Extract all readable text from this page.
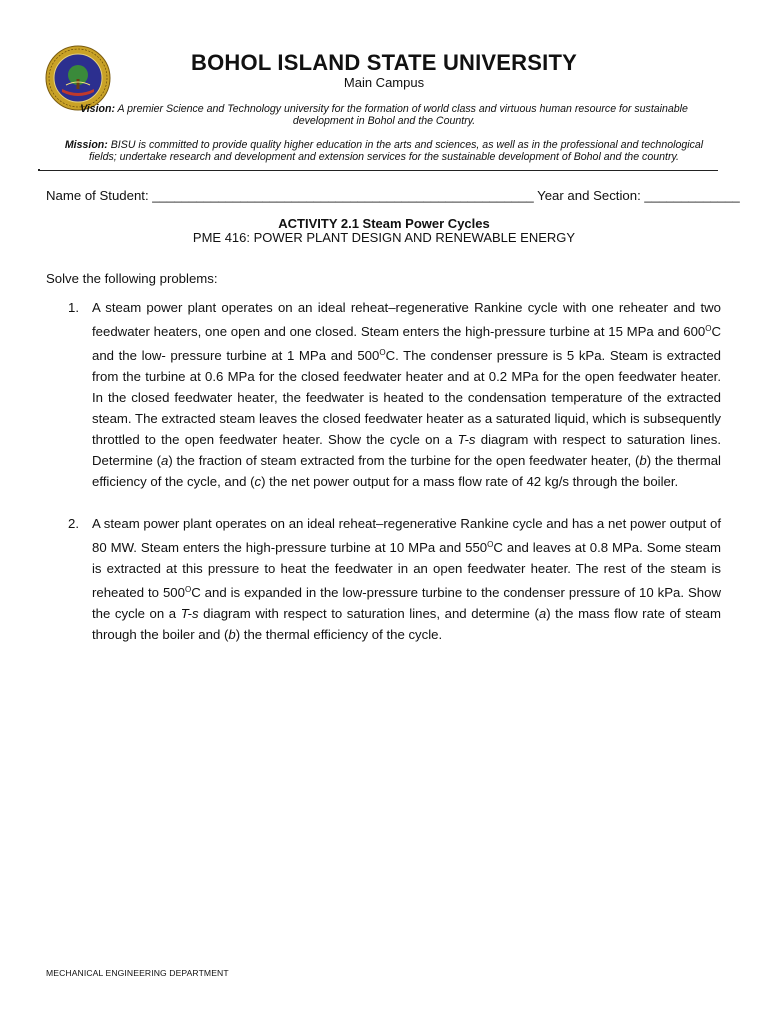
BOHOL ISLAND STATE UNIVERSITY
Main Campus
Vision: A premier Science and Technology university for the formation of world class and virtuous human resource for sustainable development in Bohol and the Country.
Mission: BISU is committed to provide quality higher education in the arts and sciences, as well as in the professional and technological fields; undertake research and development and extension services for the sustainable development of Bohol and the country.
Name of Student: ____________________________________________________ Year and Section: _____________
ACTIVITY 2.1 Steam Power Cycles
PME 416: POWER PLANT DESIGN AND RENEWABLE ENERGY
Solve the following problems:
1. A steam power plant operates on an ideal reheat–regenerative Rankine cycle with one reheater and two feedwater heaters, one open and one closed. Steam enters the high-pressure turbine at 15 MPa and $600^OC$ and the low- pressure turbine at 1 MPa and $500^OC$. The condenser pressure is 5 kPa. Steam is extracted from the turbine at 0.6 MPa for the closed feedwater heater and at 0.2 MPa for the open feedwater heater. In the closed feedwater heater, the feedwater is heated to the condensation temperature of the extracted steam. The extracted steam leaves the closed feedwater heater as a saturated liquid, which is subsequently throttled to the open feedwater heater. Show the cycle on a T-s diagram with respect to saturation lines. Determine (a) the fraction of steam extracted from the turbine for the open feedwater heater, (b) the thermal efficiency of the cycle, and (c) the net power output for a mass flow rate of 42 kg/s through the boiler.
2. A steam power plant operates on an ideal reheat–regenerative Rankine cycle and has a net power output of 80 MW. Steam enters the high-pressure turbine at 10 MPa and $550^OC$ and leaves at 0.8 MPa. Some steam is extracted at this pressure to heat the feedwater in an open feedwater heater. The rest of the steam is reheated to $500^OC$ and is expanded in the low-pressure turbine to the condenser pressure of 10 kPa. Show the cycle on a T-s diagram with respect to saturation lines, and determine (a) the mass flow rate of steam through the boiler and (b) the thermal efficiency of the cycle.
MECHANICAL ENGINEERING DEPARTMENT
